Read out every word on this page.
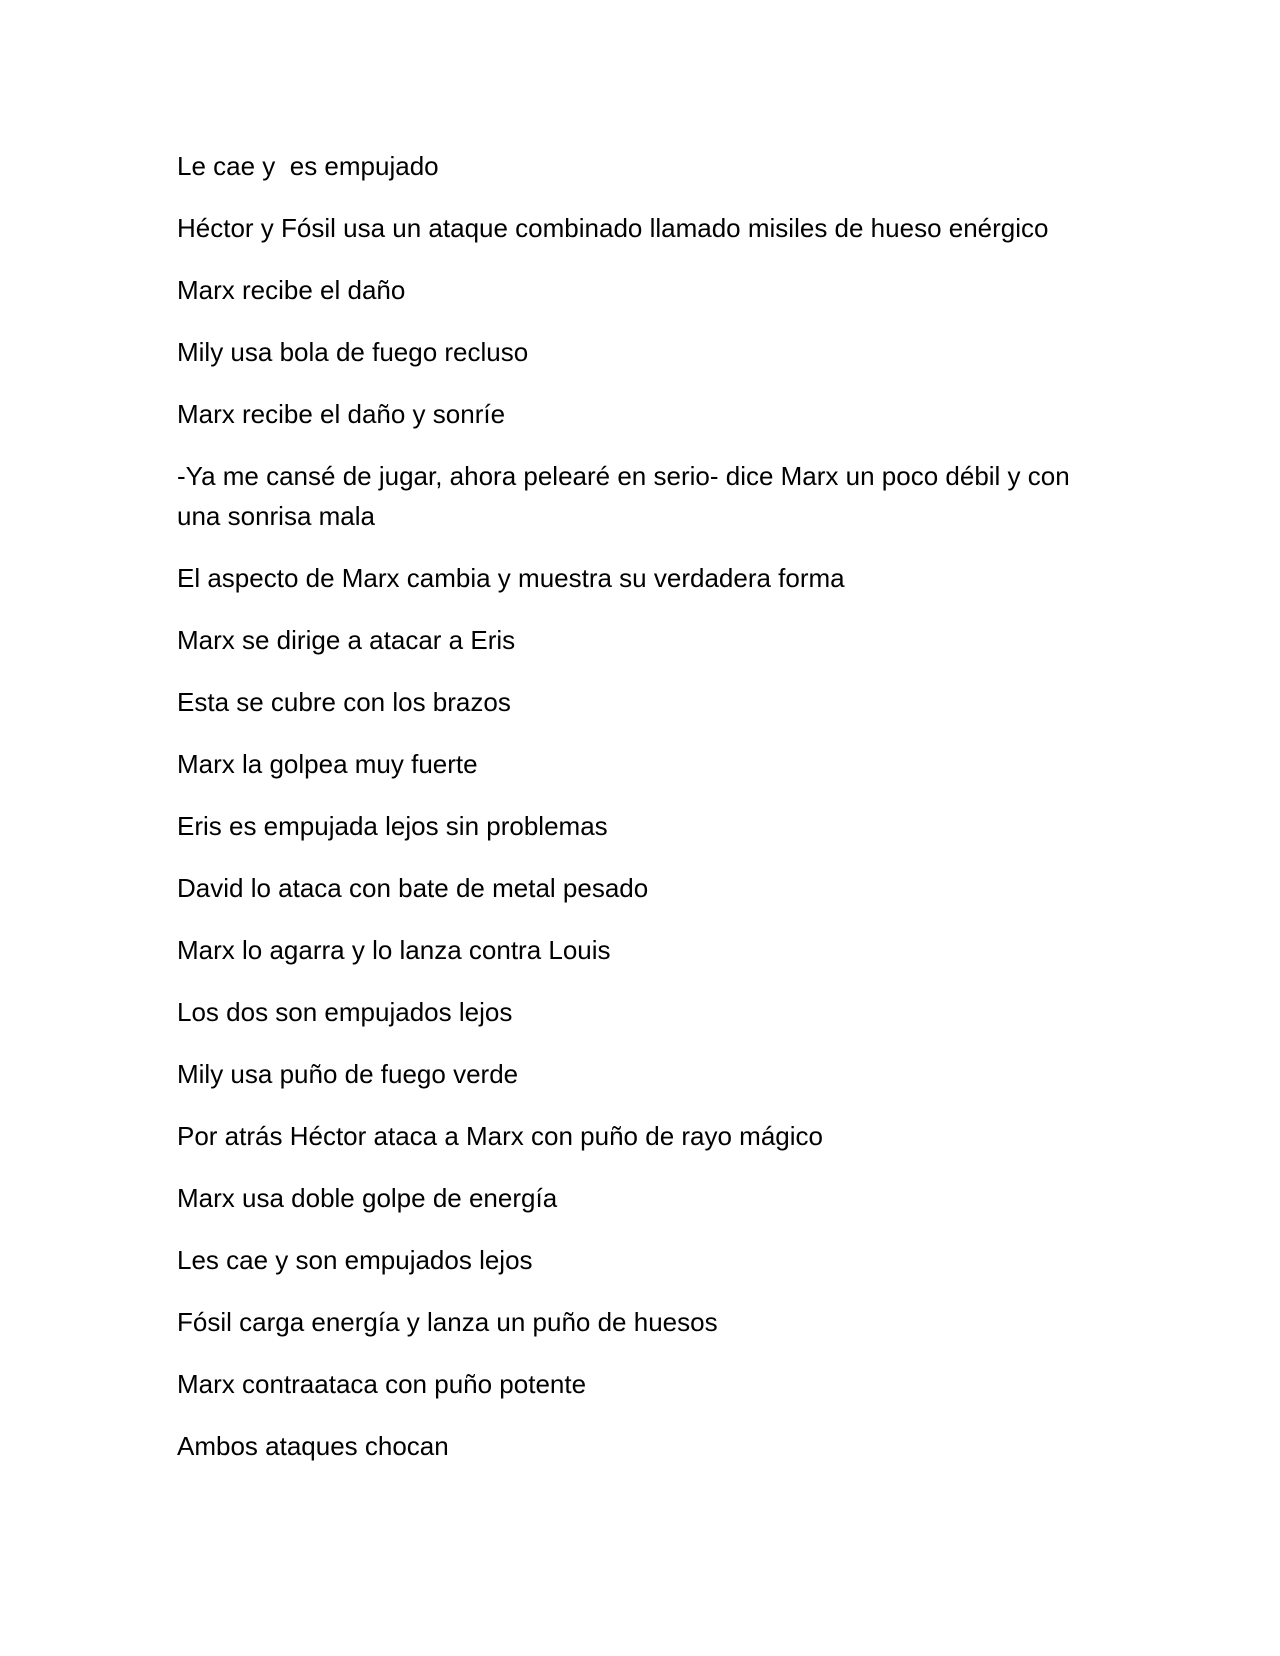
Le cae y  es empujado

Héctor y Fósil usa un ataque combinado llamado misiles de hueso enérgico

Marx recibe el daño

Mily usa bola de fuego recluso

Marx recibe el daño y sonríe

-Ya me cansé de jugar, ahora pelearé en serio- dice Marx un poco débil y con una sonrisa mala

El aspecto de Marx cambia y muestra su verdadera forma

Marx se dirige a atacar a Eris

Esta se cubre con los brazos

Marx la golpea muy fuerte

Eris es empujada lejos sin problemas

David lo ataca con bate de metal pesado

Marx lo agarra y lo lanza contra Louis

Los dos son empujados lejos

Mily usa puño de fuego verde

Por atrás Héctor ataca a Marx con puño de rayo mágico

Marx usa doble golpe de energía

Les cae y son empujados lejos

Fósil carga energía y lanza un puño de huesos

Marx contraataca con puño potente

Ambos ataques chocan
